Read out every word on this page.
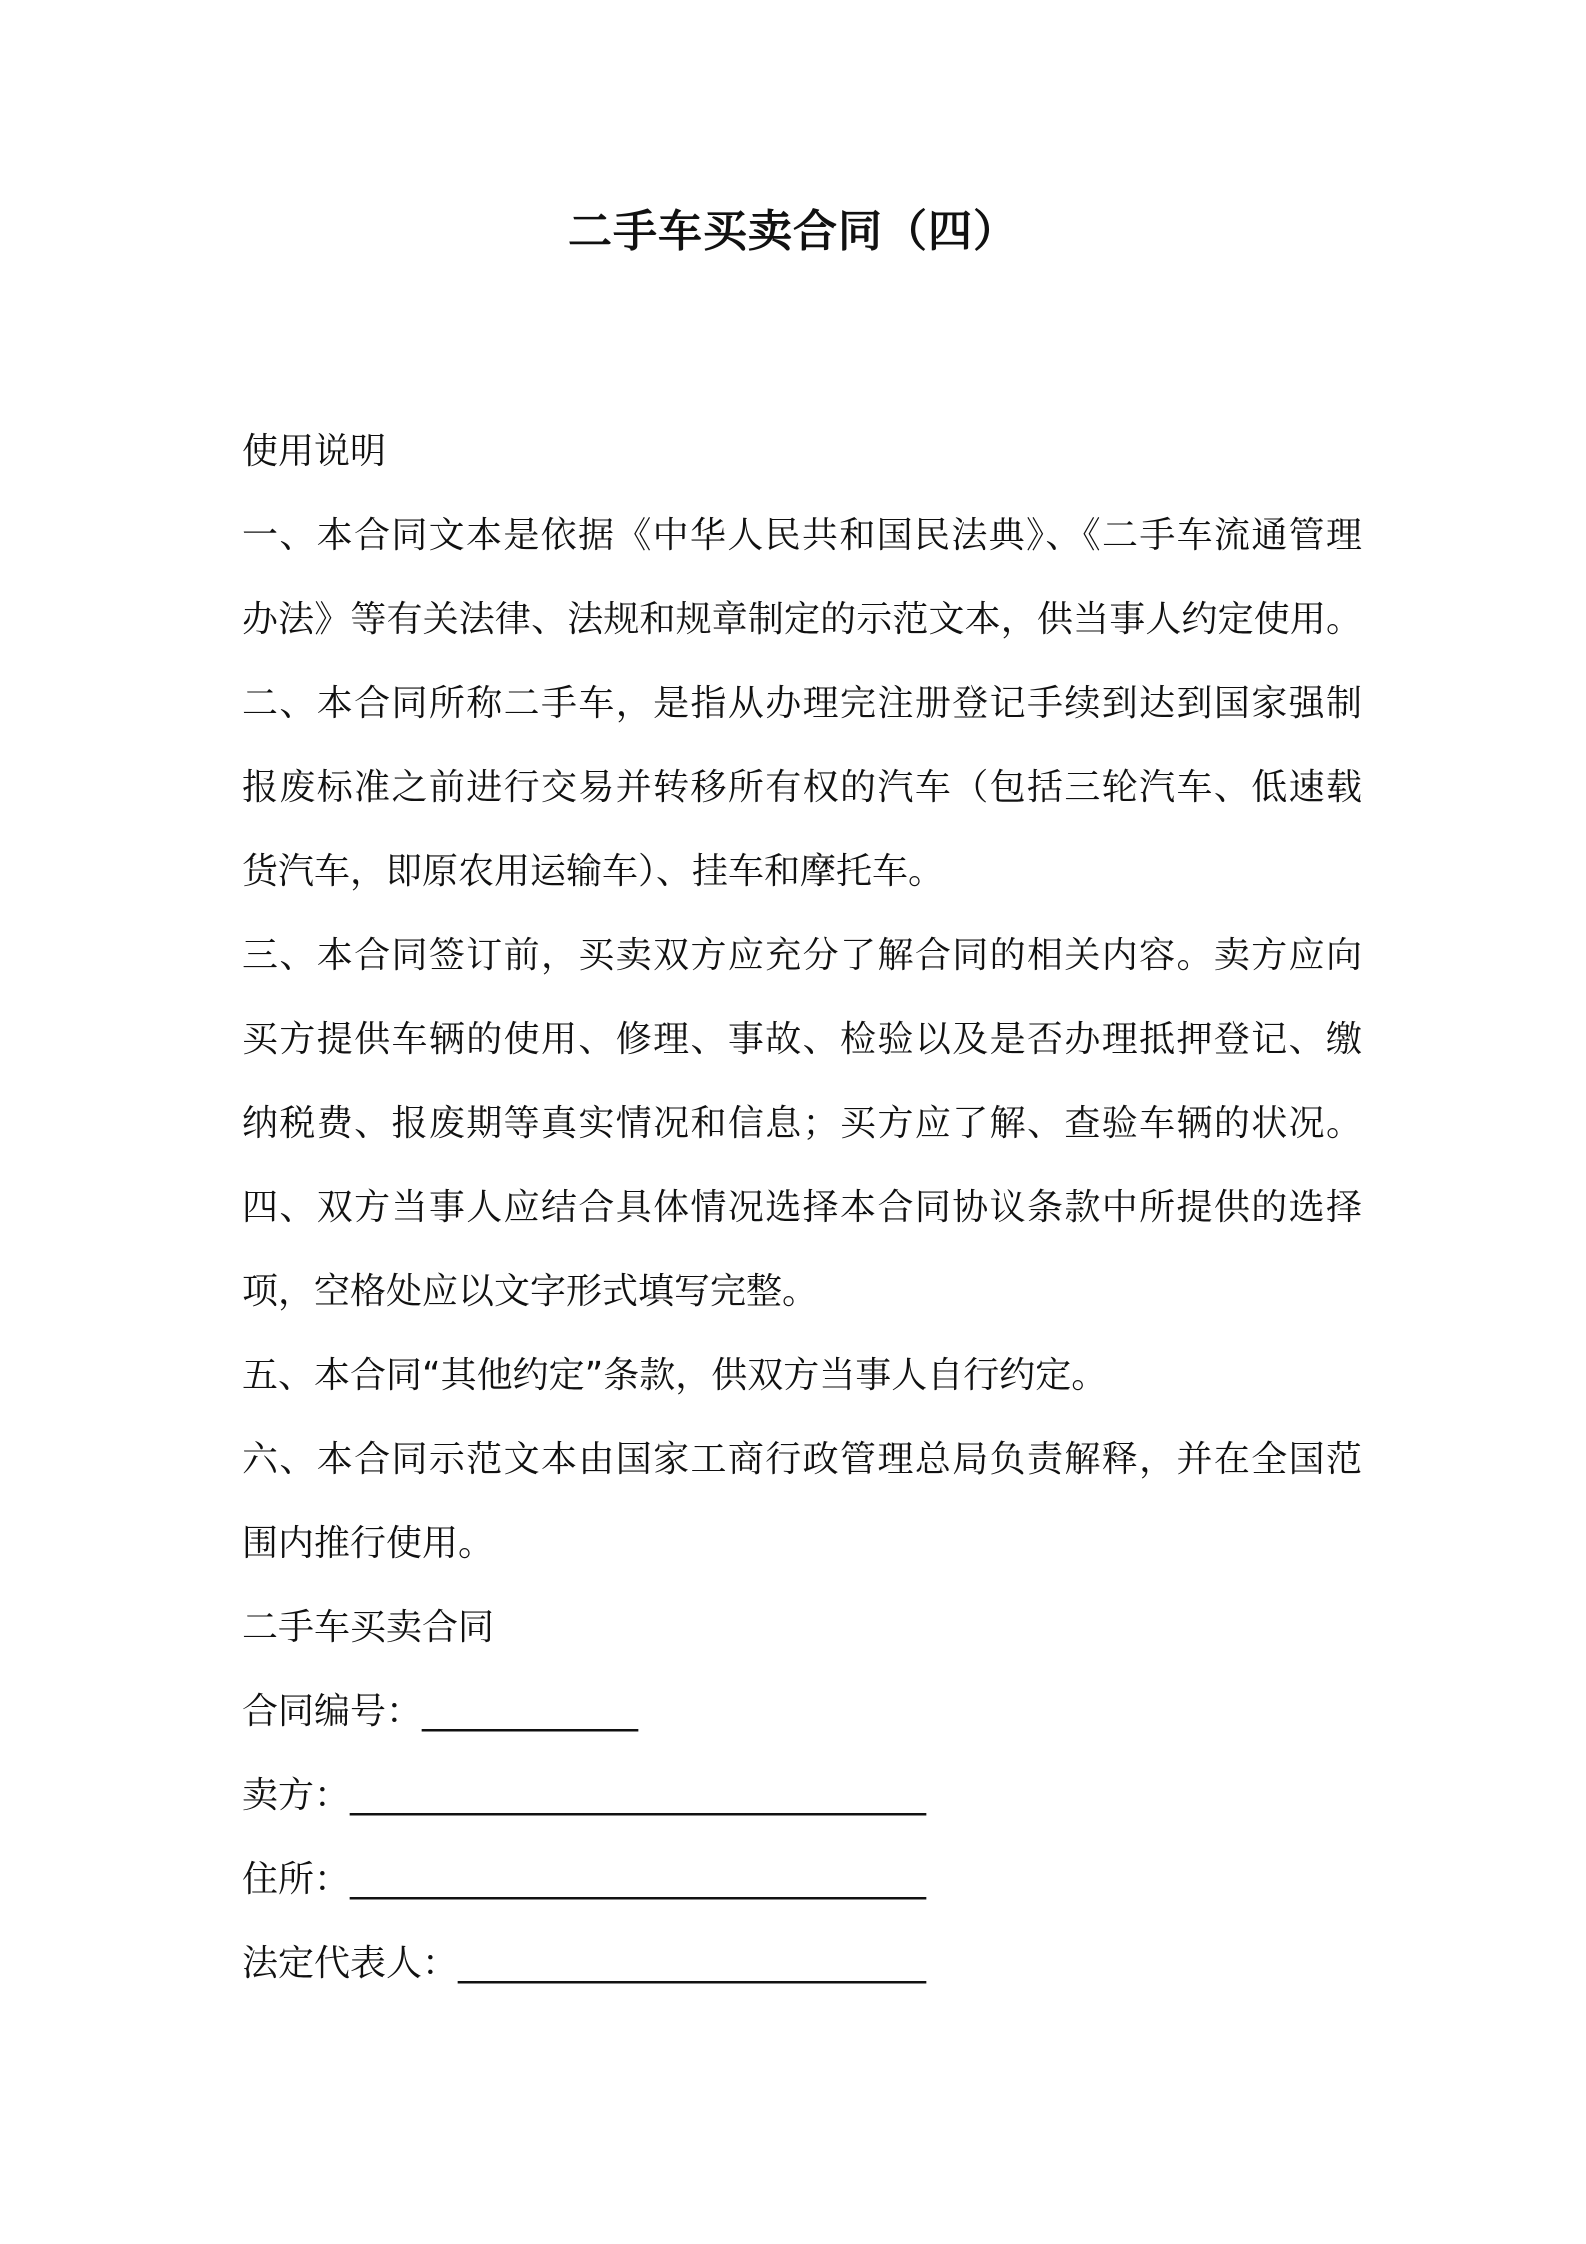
二手车买卖合同（四）
使用说明
一、本合同文本是依据《中华人民共和国民法典》、《二手车流通管理
办法》等有关法律、法规和规章制定的示范文本，供当事人约定使用。
二、本合同所称二手车，是指从办理完注册登记手续到达到国家强制
报废标准之前进行交易并转移所有权的汽车（包括三轮汽车、低速载
货汽车，即原农用运输车）、挂车和摩托车。
三、本合同签订前，买卖双方应充分了解合同的相关内容。卖方应向
买方提供车辆的使用、修理、事故、检验以及是否办理抵押登记、缴
纳税费、报废期等真实情况和信息；买方应了解、查验车辆的状况。
四、双方当事人应结合具体情况选择本合同协议条款中所提供的选择
项，空格处应以文字形式填写完整。
五、本合同“其他约定”条款，供双方当事人自行约定。
六、本合同示范文本由国家工商行政管理总局负责解释，并在全国范
围内推行使用。
二手车买卖合同
合同编号：____________
卖方：________________________________
住所：________________________________
法定代表人：__________________________
